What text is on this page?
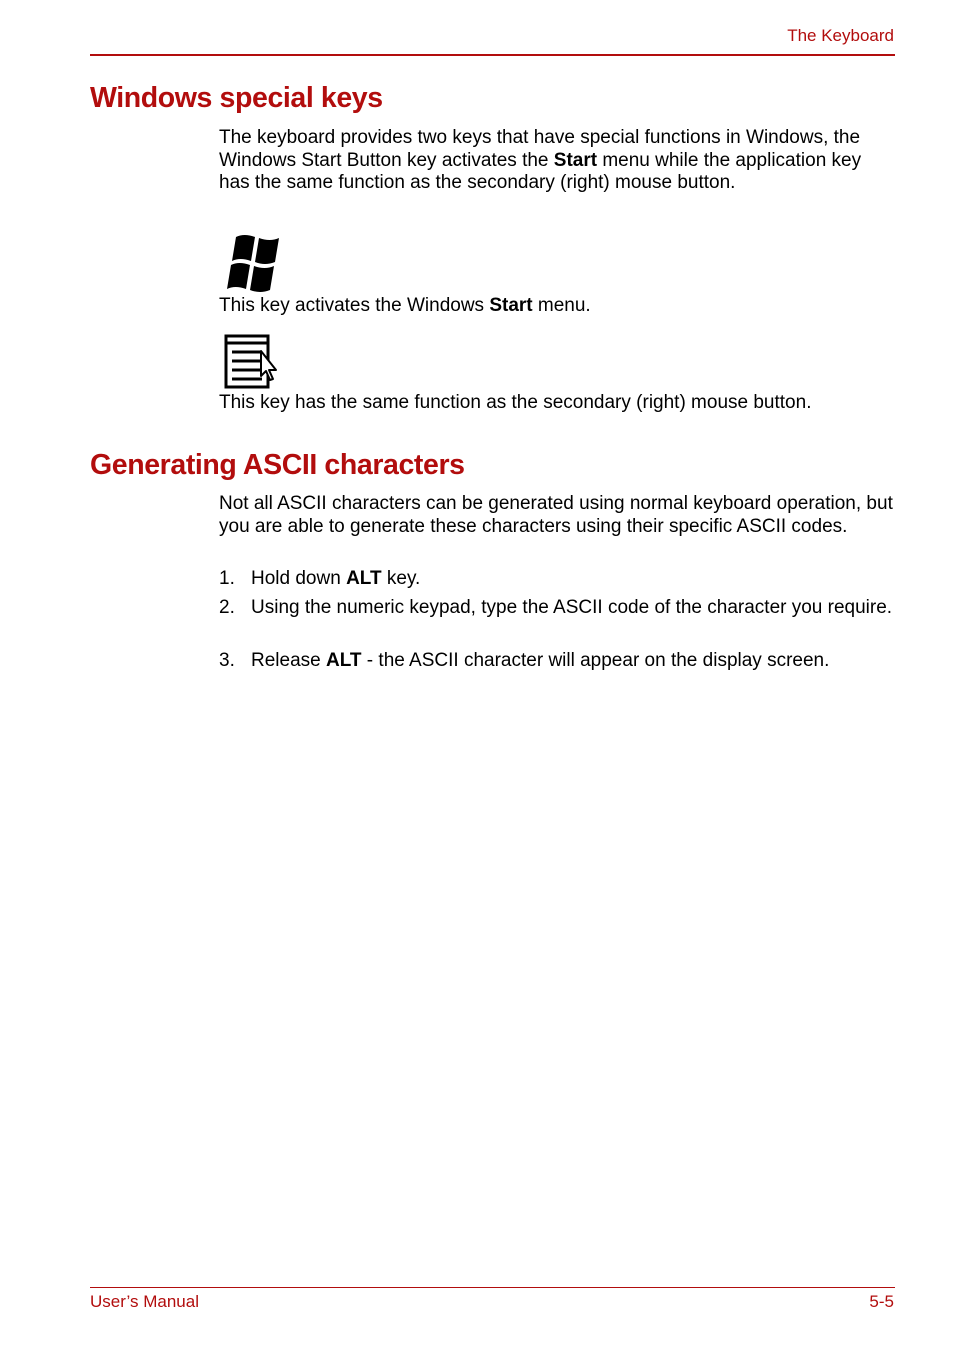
The Keyboard
Windows special keys

The keyboard provides two keys that have special functions in Windows, the Windows Start Button key activates the Start menu while the application key has the same function as the secondary (right) mouse button.

This key activates the Windows Start menu.

This key has the same function as the secondary (right) mouse button.

Generating ASCII characters

Not all ASCII characters can be generated using normal keyboard operation, but you are able to generate these characters using their specific ASCII codes.

1. Hold down ALT key.
2. Using the numeric keypad, type the ASCII code of the character you require.
3. Release ALT - the ASCII character will appear on the display screen.
User’s Manual	5-5
